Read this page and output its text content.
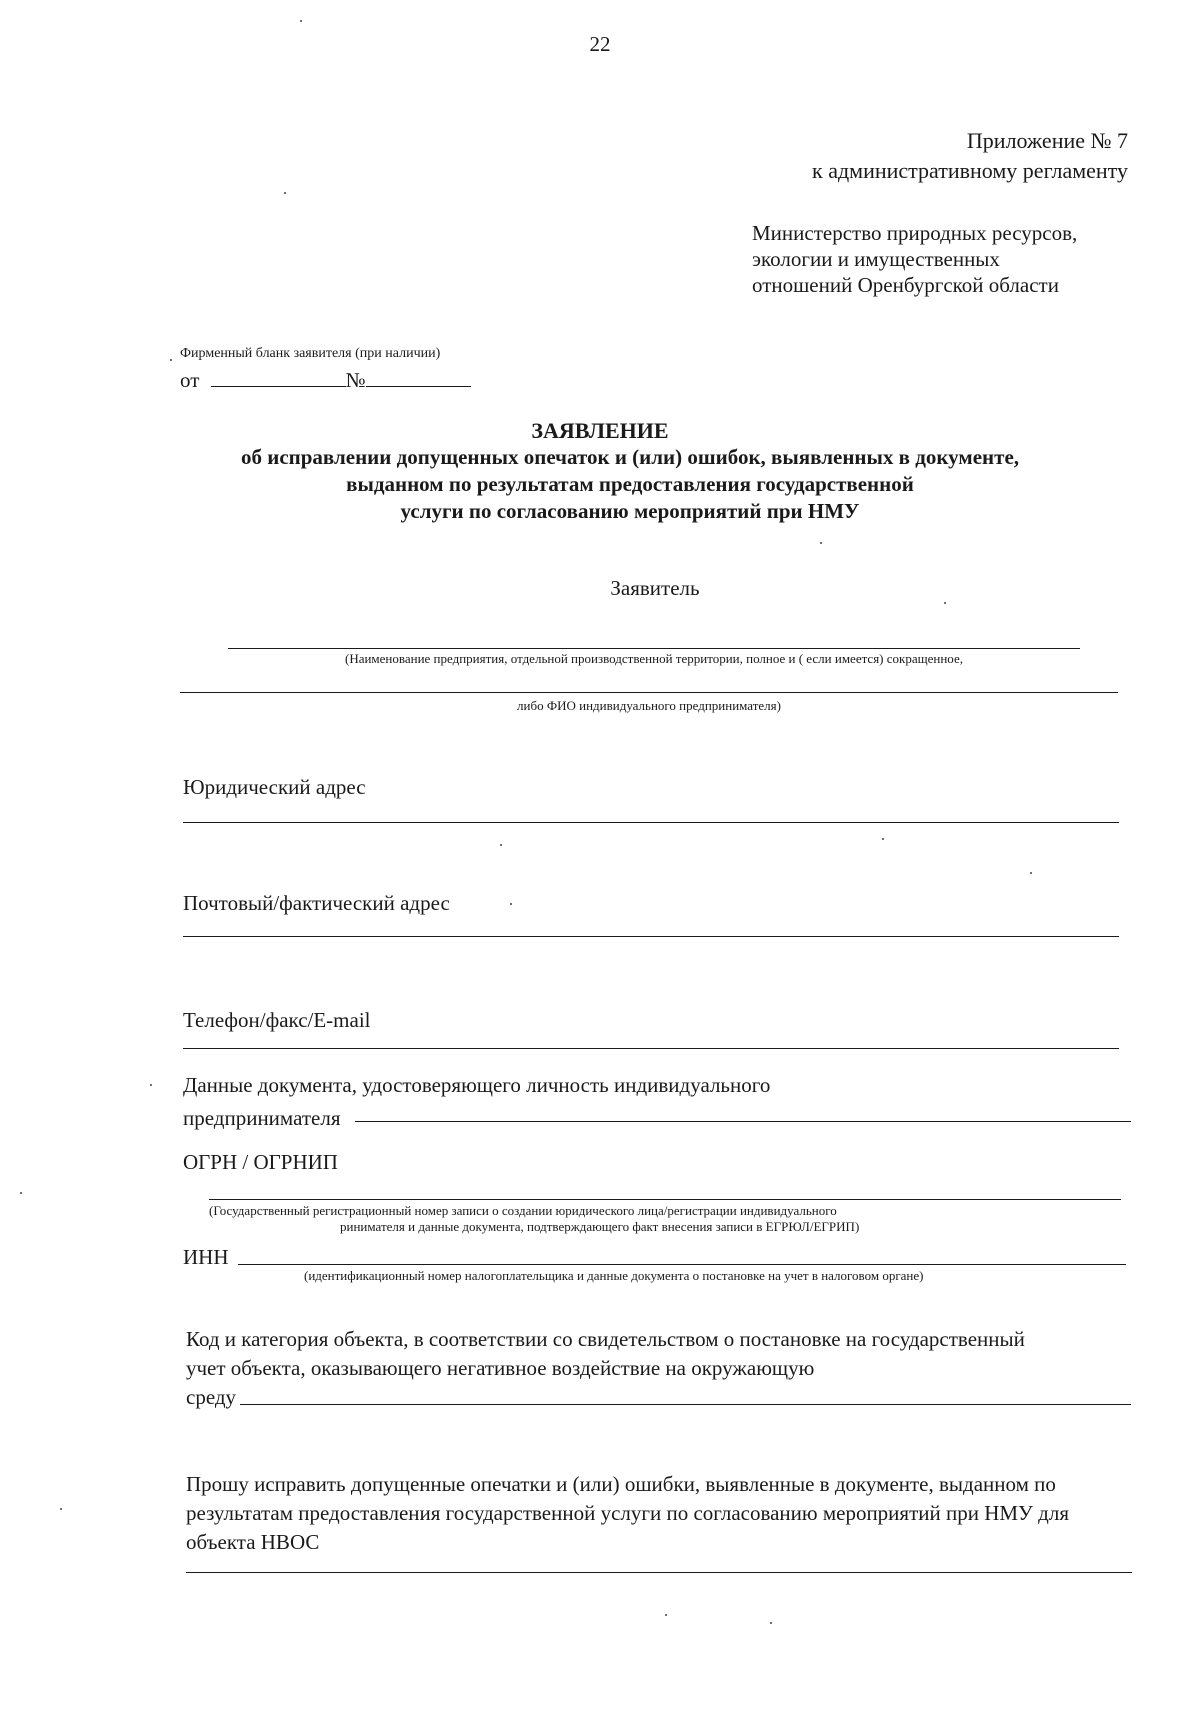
22
Приложение № 7
к административному регламенту
Министерство природных ресурсов,
экологии и имущественных
отношений Оренбургской области
Фирменный бланк заявителя (при наличии)
от	№
ЗАЯВЛЕНИЕ
об исправлении допущенных опечаток и (или) ошибок, выявленных в документе,
выданном по результатам предоставления государственной
услуги по согласованию мероприятий при НМУ
Заявитель
(Наименование предприятия, отдельной производственной территории, полное и ( если имеется) сокращенное,
либо ФИО индивидуального предпринимателя)
Юридический адрес
Почтовый/фактический адрес
Телефон/факс/E-mail
Данные документа, удостоверяющего личность индивидуального
предпринимателя
ОГРН / ОГРНИП
(Государственный регистрационный номер записи о создании юридического лица/регистрации индивидуального
ринимателя и данные документа, подтверждающего факт внесения записи в ЕГРЮЛ/ЕГРИП)
ИНН
(идентификационный номер налогоплательщика и данные документа о постановке на учет в налоговом органе)
Код и категория объекта, в соответствии со свидетельством о постановке на государственный
учет объекта, оказывающего негативное воздействие на окружающую
среду
Прошу исправить допущенные опечатки и (или) ошибки, выявленные в документе, выданном по
результатам предоставления государственной услуги по согласованию мероприятий при НМУ для
объекта НВОС
